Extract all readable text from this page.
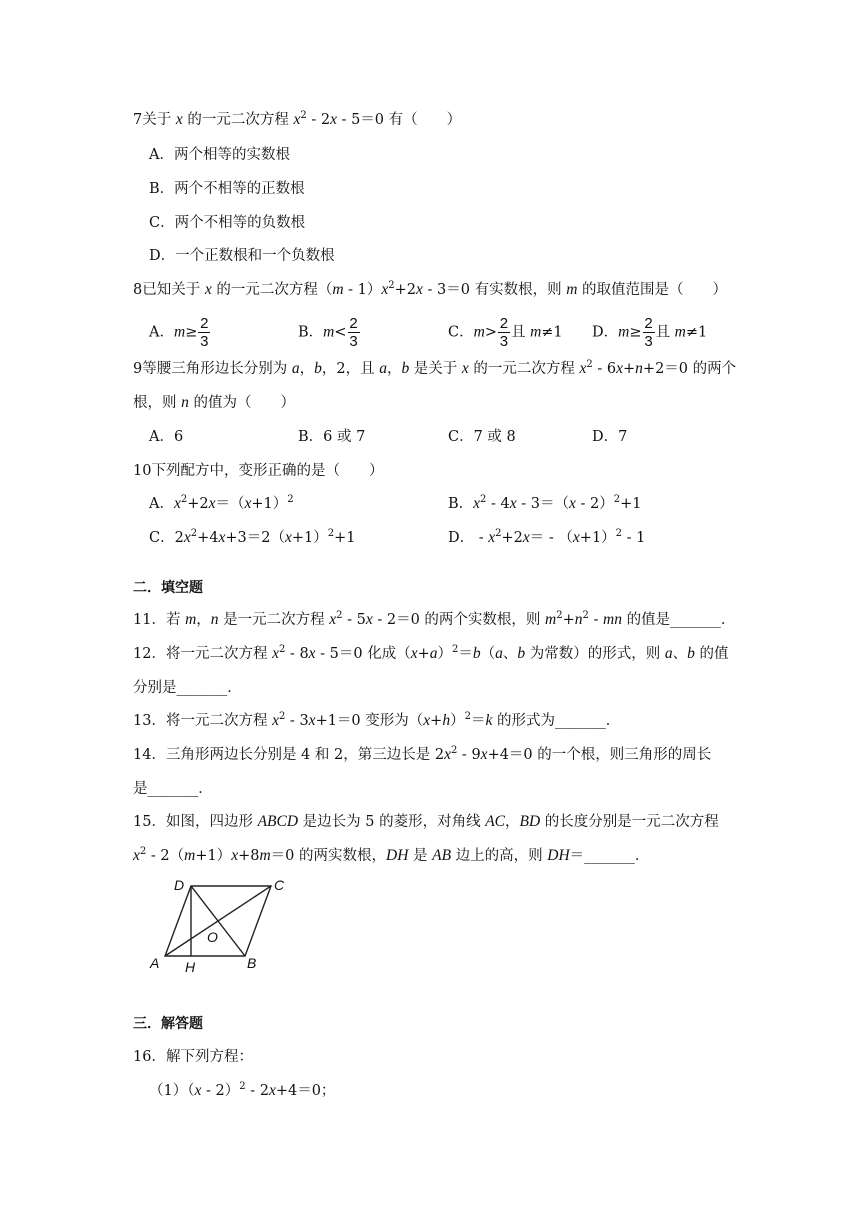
7关于 x 的一元二次方程 $x^2 - 2x - 5=0$ 有（　　）
A．两个相等的实数根
B．两个不相等的正数根
C．两个不相等的负数根
D．一个正数根和一个负数根
8已知关于 x 的一元二次方程$(m - 1)x^2+2x - 3=0$ 有实数根，则 m 的取值范围是（　　）
A．$m\ge \frac{2}{3}$	B．$m< \frac{2}{3}$	C．$m> \frac{2}{3}$ 且 m≠1 D．$m\ge \frac{2}{3}$ 且 m≠1
9等腰三角形边长分别为 a，b，2，且 a，b 是关于 x 的一元二次方程 $x^2 - 6x+n+2=0$ 的两个
根，则 n 的值为（　　）
A．6	B．6 或 7	C．7 或 8	D．7
10下列配方中，变形正确的是（　　）
A．$x^2+2x=(x+1)^2$	B．$x^2 - 4x - 3=(x - 2)^2+1$
C．$2x^2+4x+3=2(x+1)^2+1$	D． - $x^2+2x= - (x+1)^2 - 1$
二．填空题
11．若 m，n 是一元二次方程 $x^2 - 5x - 2=0$ 的两个实数根，则 $m^2+n^2$ - mn 的值是_______．
12．将一元二次方程 $x^2 - 8x - 5=0$ 化成$(x+a)^2=b(a$、b 为常数）的形式，则 a、b 的值
分别是_______．
13．将一元二次方程 $x^2 - 3x+1=0$ 变形为$(x+h)^2=k$ 的形式为_______．
14．三角形两边长分别是 4 和 2，第三边长是 $2x^2 - 9x+4=0$ 的一个根，则三角形的周长
是_______．
15．如图，四边形 ABCD 是边长为 5 的菱形，对角线 AC，BD 的长度分别是一元二次方程
$x^2 - 2(m+1)x+8m=0$ 的两实数根，DH 是 AB 边上的高，则 DH＝_______．
D	C
O
A H	B
三．解答题
16．解下列方程：
（1）（x - 2）$^2$ - 2x+4＝0；
